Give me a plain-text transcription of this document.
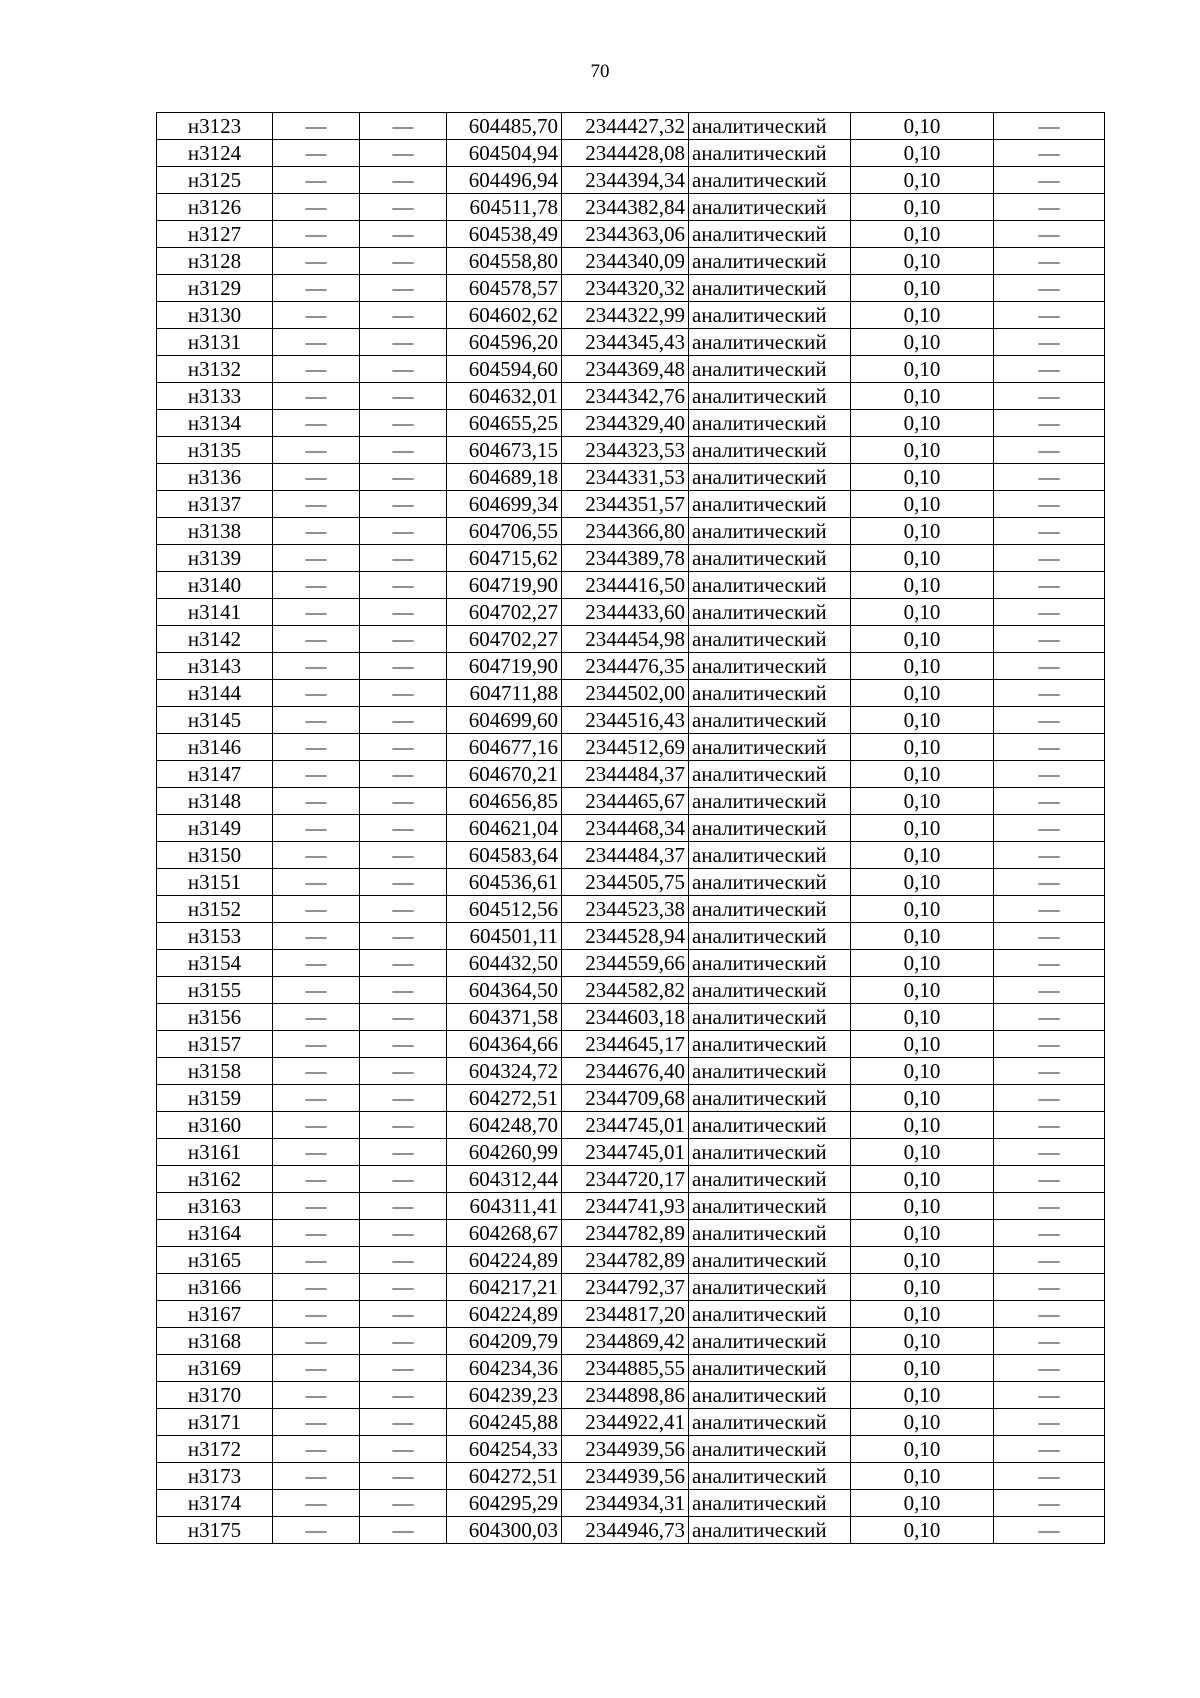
70
н3123	—	—	604485,70	2344427,32	аналитический	0,10	—
н3124	—	—	604504,94	2344428,08	аналитический	0,10	—
н3125	—	—	604496,94	2344394,34	аналитический	0,10	—
н3126	—	—	604511,78	2344382,84	аналитический	0,10	—
н3127	—	—	604538,49	2344363,06	аналитический	0,10	—
н3128	—	—	604558,80	2344340,09	аналитический	0,10	—
н3129	—	—	604578,57	2344320,32	аналитический	0,10	—
н3130	—	—	604602,62	2344322,99	аналитический	0,10	—
н3131	—	—	604596,20	2344345,43	аналитический	0,10	—
н3132	—	—	604594,60	2344369,48	аналитический	0,10	—
н3133	—	—	604632,01	2344342,76	аналитический	0,10	—
н3134	—	—	604655,25	2344329,40	аналитический	0,10	—
н3135	—	—	604673,15	2344323,53	аналитический	0,10	—
н3136	—	—	604689,18	2344331,53	аналитический	0,10	—
н3137	—	—	604699,34	2344351,57	аналитический	0,10	—
н3138	—	—	604706,55	2344366,80	аналитический	0,10	—
н3139	—	—	604715,62	2344389,78	аналитический	0,10	—
н3140	—	—	604719,90	2344416,50	аналитический	0,10	—
н3141	—	—	604702,27	2344433,60	аналитический	0,10	—
н3142	—	—	604702,27	2344454,98	аналитический	0,10	—
н3143	—	—	604719,90	2344476,35	аналитический	0,10	—
н3144	—	—	604711,88	2344502,00	аналитический	0,10	—
н3145	—	—	604699,60	2344516,43	аналитический	0,10	—
н3146	—	—	604677,16	2344512,69	аналитический	0,10	—
н3147	—	—	604670,21	2344484,37	аналитический	0,10	—
н3148	—	—	604656,85	2344465,67	аналитический	0,10	—
н3149	—	—	604621,04	2344468,34	аналитический	0,10	—
н3150	—	—	604583,64	2344484,37	аналитический	0,10	—
н3151	—	—	604536,61	2344505,75	аналитический	0,10	—
н3152	—	—	604512,56	2344523,38	аналитический	0,10	—
н3153	—	—	604501,11	2344528,94	аналитический	0,10	—
н3154	—	—	604432,50	2344559,66	аналитический	0,10	—
н3155	—	—	604364,50	2344582,82	аналитический	0,10	—
н3156	—	—	604371,58	2344603,18	аналитический	0,10	—
н3157	—	—	604364,66	2344645,17	аналитический	0,10	—
н3158	—	—	604324,72	2344676,40	аналитический	0,10	—
н3159	—	—	604272,51	2344709,68	аналитический	0,10	—
н3160	—	—	604248,70	2344745,01	аналитический	0,10	—
н3161	—	—	604260,99	2344745,01	аналитический	0,10	—
н3162	—	—	604312,44	2344720,17	аналитический	0,10	—
н3163	—	—	604311,41	2344741,93	аналитический	0,10	—
н3164	—	—	604268,67	2344782,89	аналитический	0,10	—
н3165	—	—	604224,89	2344782,89	аналитический	0,10	—
н3166	—	—	604217,21	2344792,37	аналитический	0,10	—
н3167	—	—	604224,89	2344817,20	аналитический	0,10	—
н3168	—	—	604209,79	2344869,42	аналитический	0,10	—
н3169	—	—	604234,36	2344885,55	аналитический	0,10	—
н3170	—	—	604239,23	2344898,86	аналитический	0,10	—
н3171	—	—	604245,88	2344922,41	аналитический	0,10	—
н3172	—	—	604254,33	2344939,56	аналитический	0,10	—
н3173	—	—	604272,51	2344939,56	аналитический	0,10	—
н3174	—	—	604295,29	2344934,31	аналитический	0,10	—
н3175	—	—	604300,03	2344946,73	аналитический	0,10	—
